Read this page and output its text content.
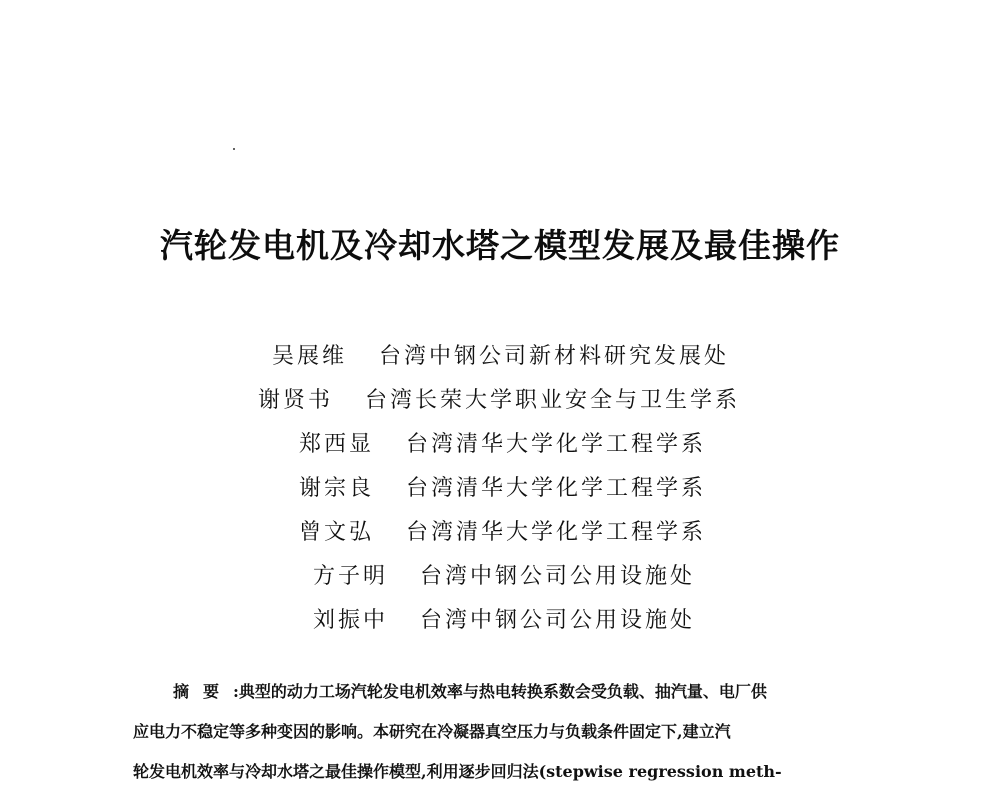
汽轮发电机及冷却水塔之模型发展及最佳操作
吴展维 台湾中钢公司新材料研究发展处
谢贤书 台湾长荣大学职业安全与卫生学系
郑西显 台湾清华大学化学工程学系
谢宗良 台湾清华大学化学工程学系
曾文弘 台湾清华大学化学工程学系
方子明 台湾中钢公司公用设施处
刘振中 台湾中钢公司公用设施处
摘要:典型的动力工场汽轮发电机效率与热电转换系数会受负载、抽汽量、电厂供
应电力不稳定等多种变因的影响。本研究在冷凝器真空压力与负载条件固定下,建立汽
轮发电机效率与冷却水塔之最佳操作模型,利用逐步回归法(stepwise regression meth-
